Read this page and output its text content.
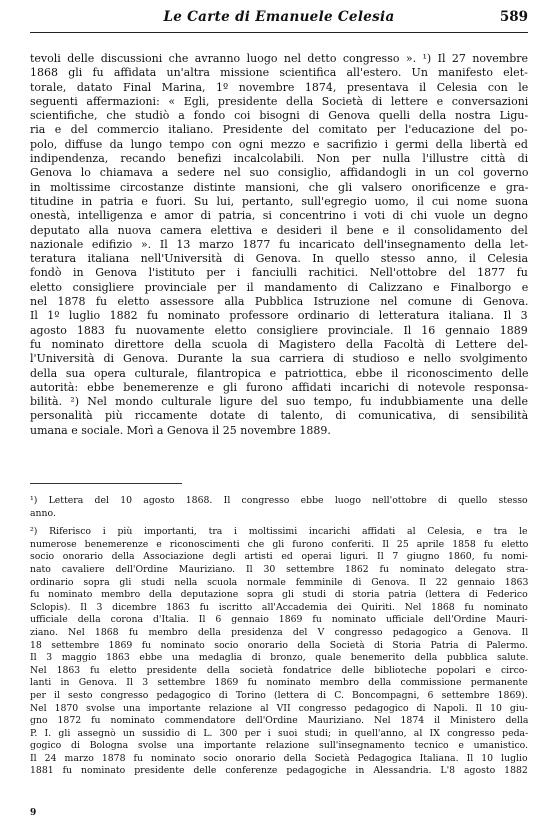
Le Carte di Emanuele Celesia	589
tevoli delle discussioni che avranno luogo nel detto congresso ». ¹) Il 27 novembre
1868 gli fu affidata un'altra missione scientifica all'estero. Un manifesto elet-
torale, datato Final Marina, 1º novembre 1874, presentava il Celesia con le
seguenti affermazioni: « Egli, presidente della Società di lettere e conversazioni
scientifiche, che studiò a fondo coi bisogni di Genova quelli della nostra Ligu-
ria e del commercio italiano. Presidente del comitato per l'educazione del po-
polo, diffuse da lungo tempo con ogni mezzo e sacrifizio i germi della libertà ed
indipendenza, recando benefizi incalcolabili. Non per nulla l'illustre città di
Genova lo chiamava a sedere nel suo consiglio, affidandogli in un col governo
in moltissime circostanze distinte mansioni, che gli valsero onorificenze e gra-
titudine in patria e fuori. Su lui, pertanto, sull'egregio uomo, il cui nome suona
onestà, intelligenza e amor di patria, si concentrino i voti di chi vuole un degno
deputato alla nuova camera elettiva e desideri il bene e il consolidamento del
nazionale edifizio ». Il 13 marzo 1877 fu incaricato dell'insegnamento della let-
teratura italiana nell'Università di Genova. In quello stesso anno, il Celesia
fondò in Genova l'istituto per i fanciulli rachitici. Nell'ottobre del 1877 fu
eletto consigliere provinciale per il mandamento di Calizzano e Finalborgo e
nel 1878 fu eletto assessore alla Pubblica Istruzione nel comune di Genova.
Il 1º luglio 1882 fu nominato professore ordinario di letteratura italiana. Il 3
agosto 1883 fu nuovamente eletto consigliere provinciale. Il 16 gennaio 1889
fu nominato direttore della scuola di Magistero della Facoltà di Lettere del-
l'Università di Genova. Durante la sua carriera di studioso e nello svolgimento
della sua opera culturale, filantropica e patriottica, ebbe il riconoscimento delle
autorità: ebbe benemerenze e gli furono affidati incarichi di notevole responsa-
bilità. ²) Nel mondo culturale ligure del suo tempo, fu indubbiamente una delle
personalità più riccamente dotate di talento, di comunicativa, di sensibilità
umana e sociale. Morì a Genova il 25 novembre 1889.
¹) Lettera del 10 agosto 1868. Il congresso ebbe luogo nell'ottobre di quello stesso
anno.
²) Riferisco i più importanti, tra i moltissimi incarichi affidati al Celesia, e tra le
numerose benemerenze e riconoscimenti che gli furono conferiti. Il 25 aprile 1858 fu eletto
socio onorario della Associazione degli artisti ed operai liguri. Il 7 giugno 1860, fu nomi-
nato cavaliere dell'Ordine Mauriziano. Il 30 settembre 1862 fu nominato delegato stra-
ordinario sopra gli studi nella scuola normale femminile di Genova. Il 22 gennaio 1863
fu nominato membro della deputazione sopra gli studi di storia patria (lettera di Federico
Sclopis). Il 3 dicembre 1863 fu iscritto all'Accademia dei Quiriti. Nel 1868 fu nominato
ufficiale della corona d'Italia. Il 6 gennaio 1869 fu nominato ufficiale dell'Ordine Mauri-
ziano. Nel 1868 fu membro della presidenza del V congresso pedagogico a Genova. Il
18 settembre 1869 fu nominato socio onorario della Società di Storia Patria di Palermo.
Il 3 maggio 1863 ebbe una medaglia di bronzo, quale benemerito della pubblica salute.
Nel 1863 fu eletto presidente della società fondatrice delle biblioteche popolari e circo-
lanti in Genova. Il 3 settembre 1869 fu nominato membro della commissione permanente
per il sesto congresso pedagogico di Torino (lettera di C. Boncompagni, 6 settembre 1869).
Nel 1870 svolse una importante relazione al VII congresso pedagogico di Napoli. Il 10 giu-
gno 1872 fu nominato commendatore dell'Ordine Mauriziano. Nel 1874 il Ministero della
P. I. gli assegnò un sussidio di L. 300 per i suoi studi; in quell'anno, al IX congresso peda-
gogico di Bologna svolse una importante relazione sull'insegnamento tecnico e umanistico.
Il 24 marzo 1878 fu nominato socio onorario della Società Pedagogica Italiana. Il 10 luglio
1881 fu nominato presidente delle conferenze pedagogiche in Alessandria. L'8 agosto 1882
9
